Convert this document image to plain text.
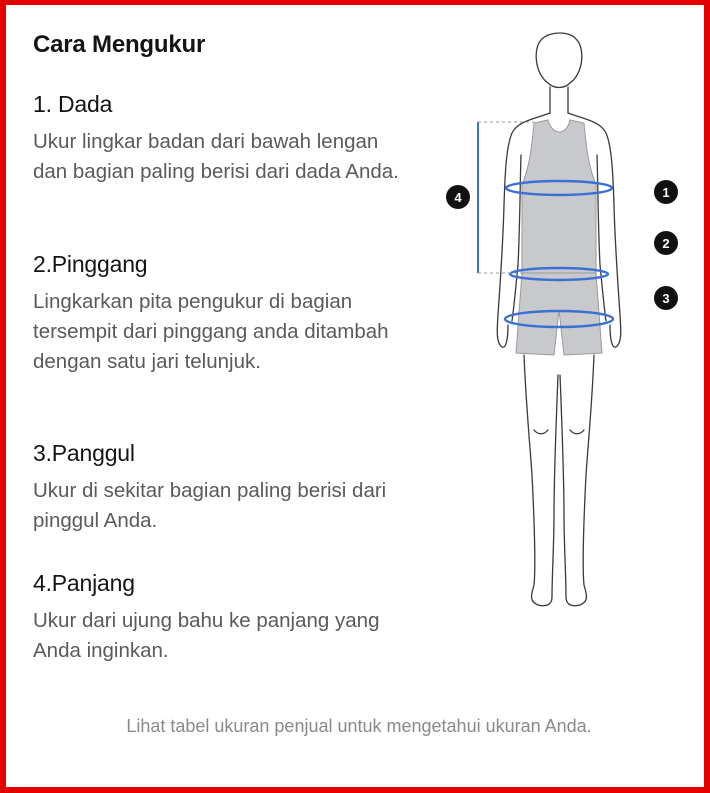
Cara Mengukur
1. Dada

Ukur lingkar badan dari bawah lengan dan bagian paling berisi dari dada Anda.

2.Pinggang

Lingkarkan pita pengukur di bagian tersempit dari pinggang anda ditambah dengan satu jari telunjuk.

3.Panggul

Ukur di sekitar bagian paling berisi dari pinggul Anda.

4.Panjang

Ukur dari ujung bahu ke panjang yang Anda inginkan.

4	1
2
3
Lihat tabel ukuran penjual untuk mengetahui ukuran Anda.
